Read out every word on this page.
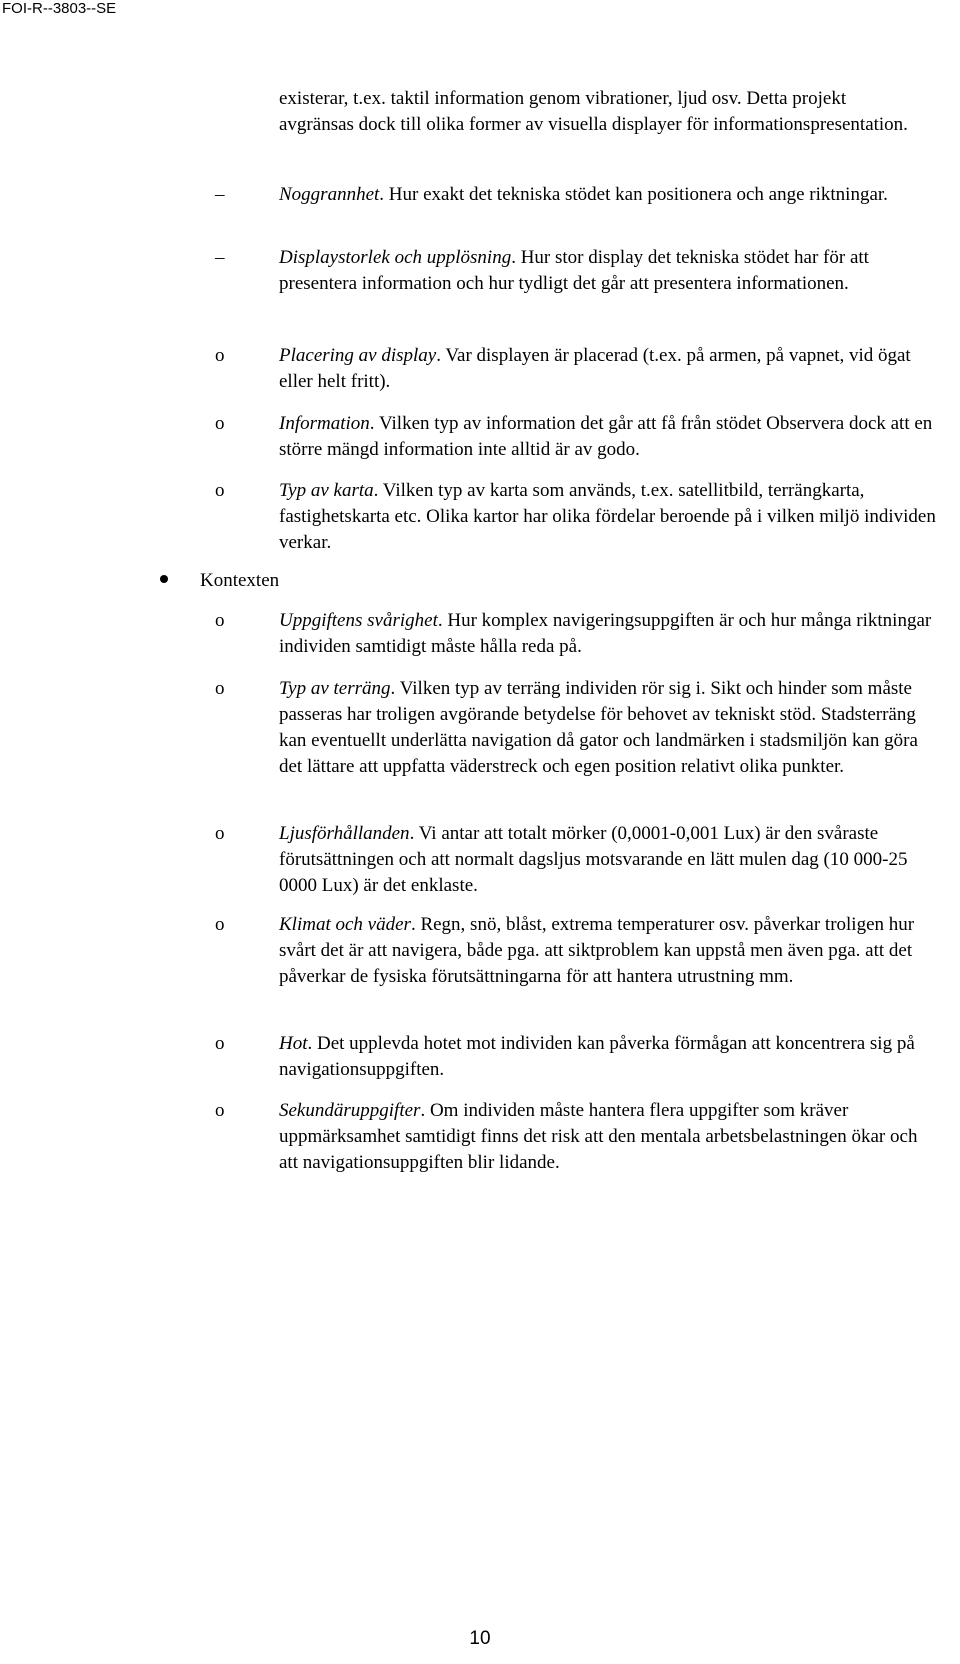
FOI-R--3803--SE
existerar, t.ex. taktil information genom vibrationer, ljud osv. Detta projekt avgränsas dock till olika former av visuella displayer för informationspresentation.
–	Noggrannhet. Hur exakt det tekniska stödet kan positionera och ange riktningar.
–	Displaystorlek och upplösning. Hur stor display det tekniska stödet har för att presentera information och hur tydligt det går att presentera informationen.
o	Placering av display. Var displayen är placerad (t.ex. på armen, på vapnet, vid ögat eller helt fritt).
o	Information. Vilken typ av information det går att få från stödet Observera dock att en större mängd information inte alltid är av godo.
o	Typ av karta. Vilken typ av karta som används, t.ex. satellitbild, terrängkarta, fastighetskarta etc. Olika kartor har olika fördelar beroende på i vilken miljö individen verkar.
Kontexten
o	Uppgiftens svårighet. Hur komplex navigeringsuppgiften är och hur många riktningar individen samtidigt måste hålla reda på.
o	Typ av terräng. Vilken typ av terräng individen rör sig i. Sikt och hinder som måste passeras har troligen avgörande betydelse för behovet av tekniskt stöd. Stadsterräng kan eventuellt underlätta navigation då gator och landmärken i stadsmiljön kan göra det lättare att uppfatta väderstreck och egen position relativt olika punkter.
o	Ljusförhållanden. Vi antar att totalt mörker (0,0001-0,001 Lux) är den svåraste förutsättningen och att normalt dagsljus motsvarande en lätt mulen dag (10 000-25 0000 Lux) är det enklaste.
o	Klimat och väder. Regn, snö, blåst, extrema temperaturer osv. påverkar troligen hur svårt det är att navigera, både pga. att siktproblem kan uppstå men även pga. att det påverkar de fysiska förutsättningarna för att hantera utrustning mm.
o	Hot. Det upplevda hotet mot individen kan påverka förmågan att koncentrera sig på navigationsuppgiften.
o	Sekundäruppgifter. Om individen måste hantera flera uppgifter som kräver uppmärksamhet samtidigt finns det risk att den mentala arbetsbelastningen ökar och att navigationsuppgiften blir lidande.
10
